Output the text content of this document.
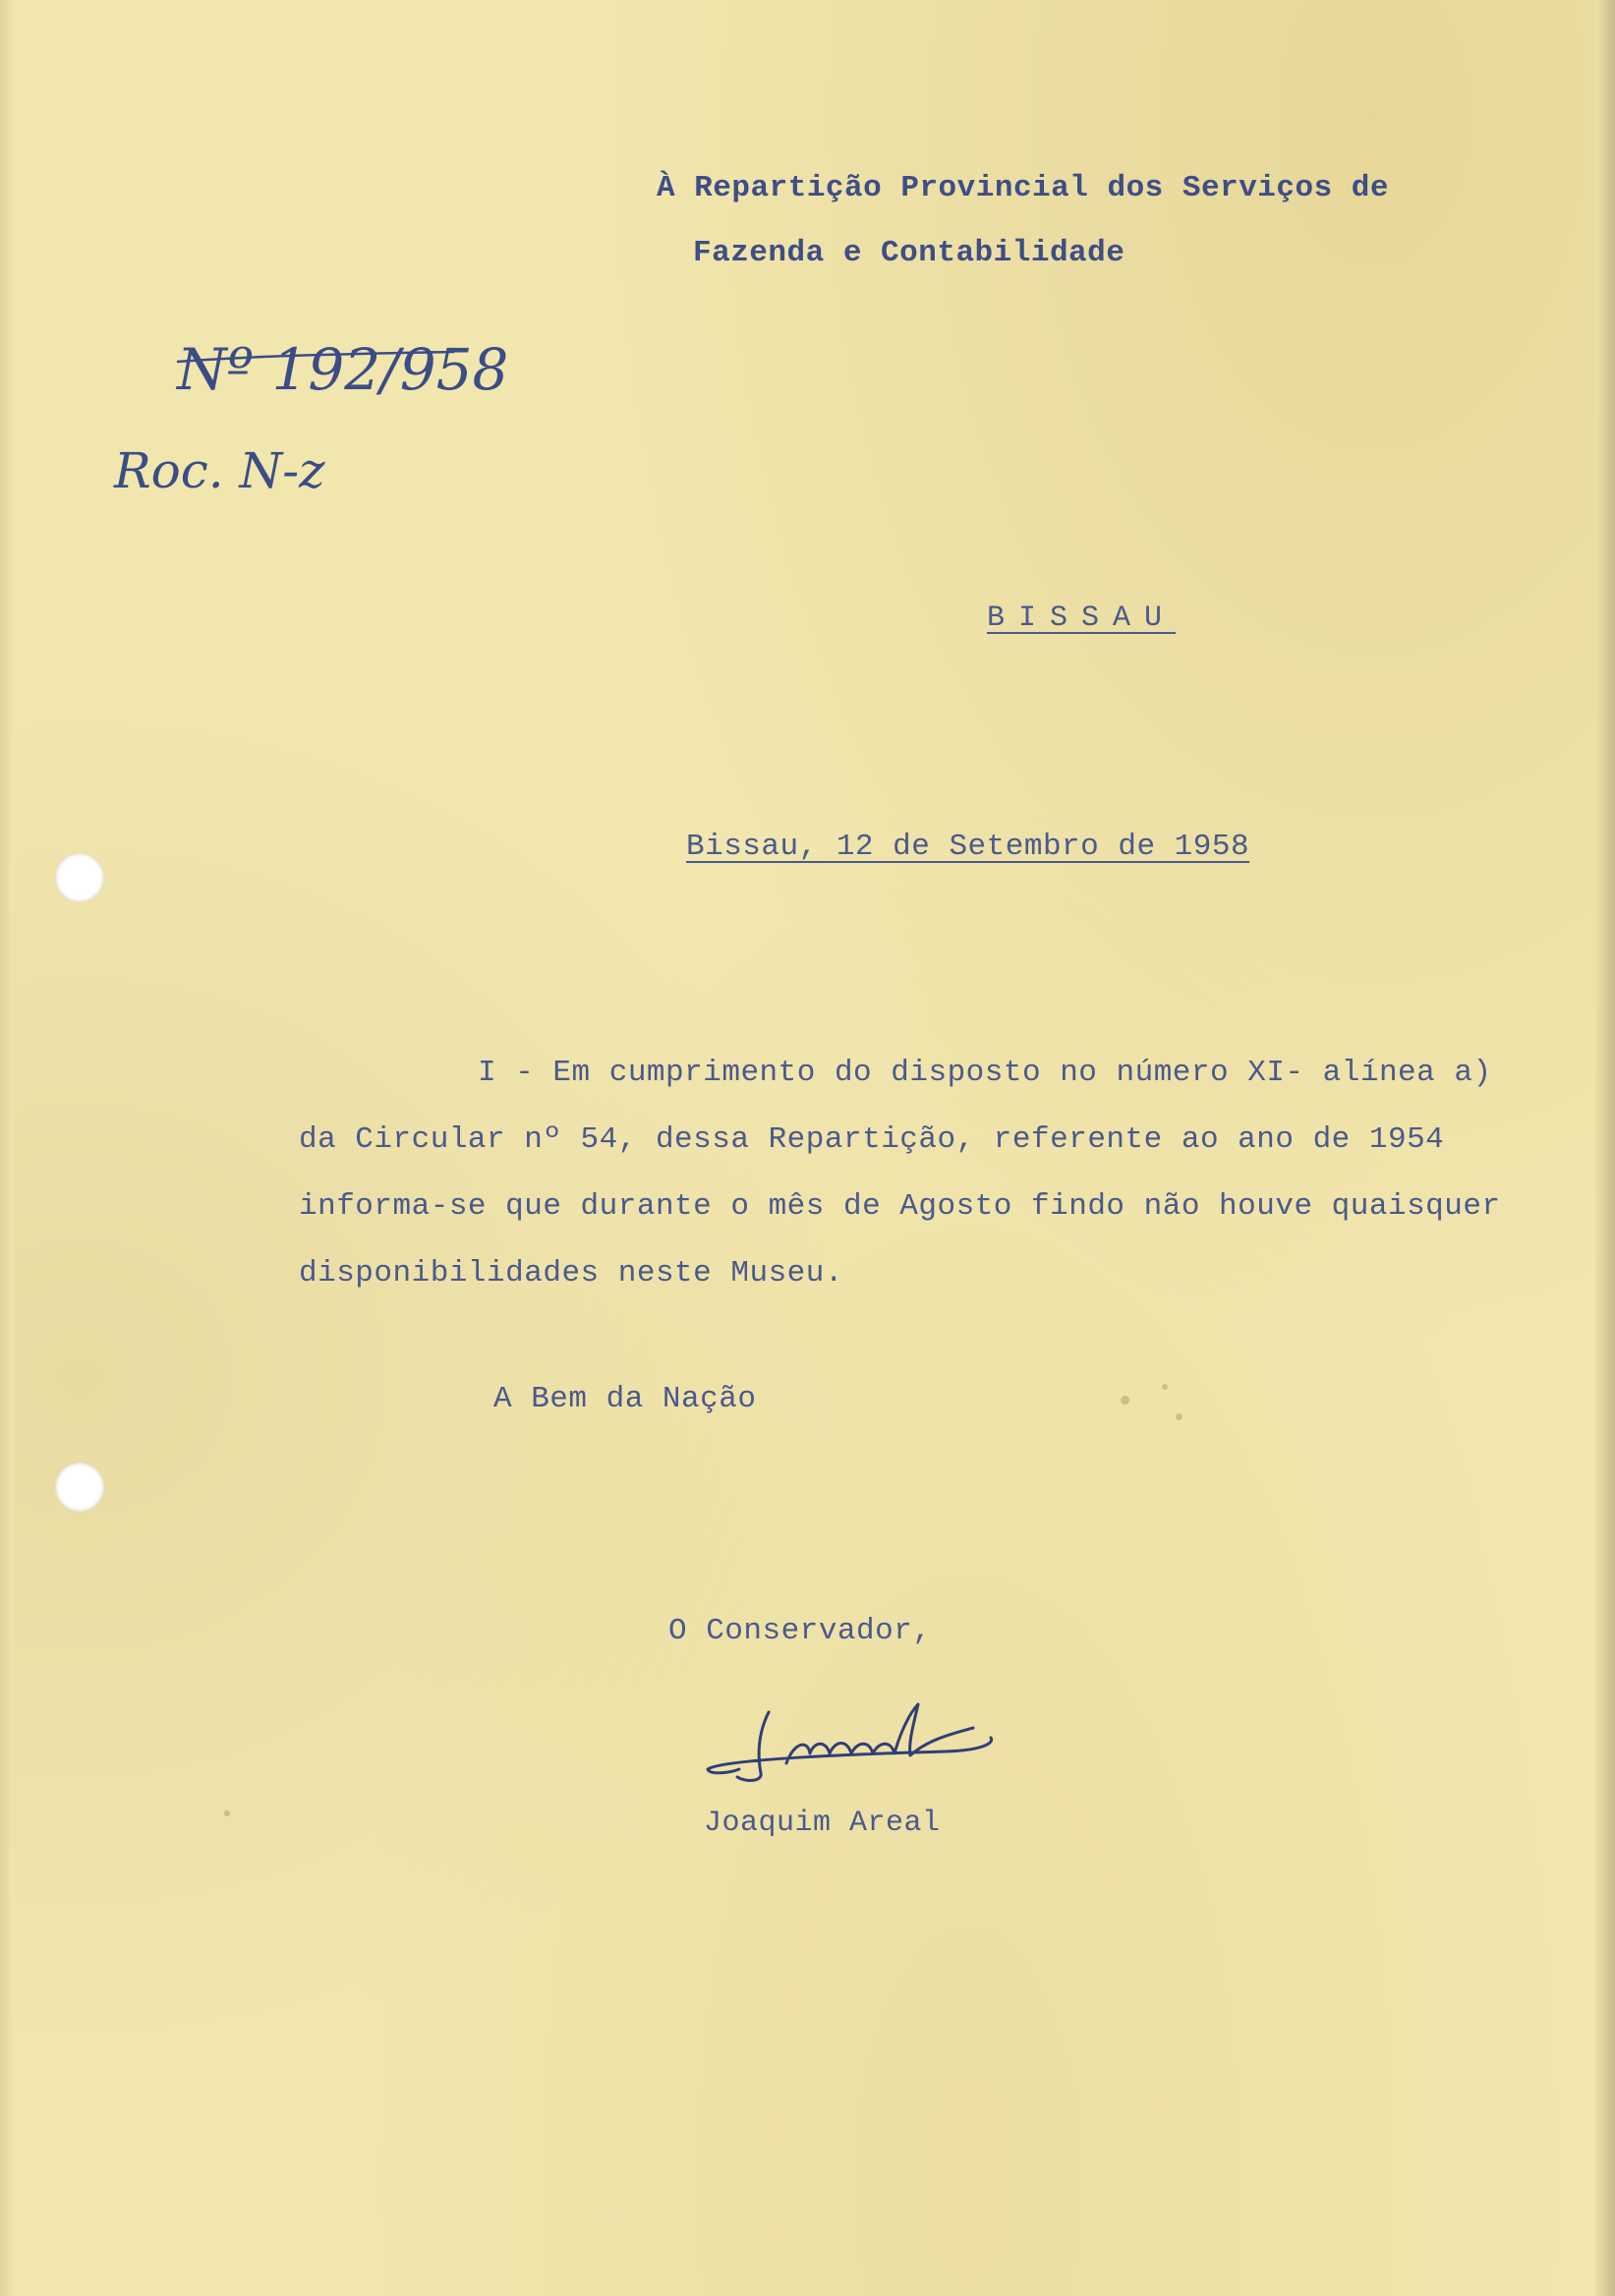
À Repartição Provincial dos Serviços de

Fazenda e Contabilidade

Nº 192/958

Roc. N-z

BISSAU

Bissau, 12 de Setembro de 1958

I - Em cumprimento do disposto no número XI- alínea a)

da Circular nº 54, dessa Repartição, referente ao ano de 1954

informa-se que durante o mês de Agosto findo não houve quaisquer

disponibilidades neste Museu.

A Bem da Nação

O Conservador,

Joaquim Areal
